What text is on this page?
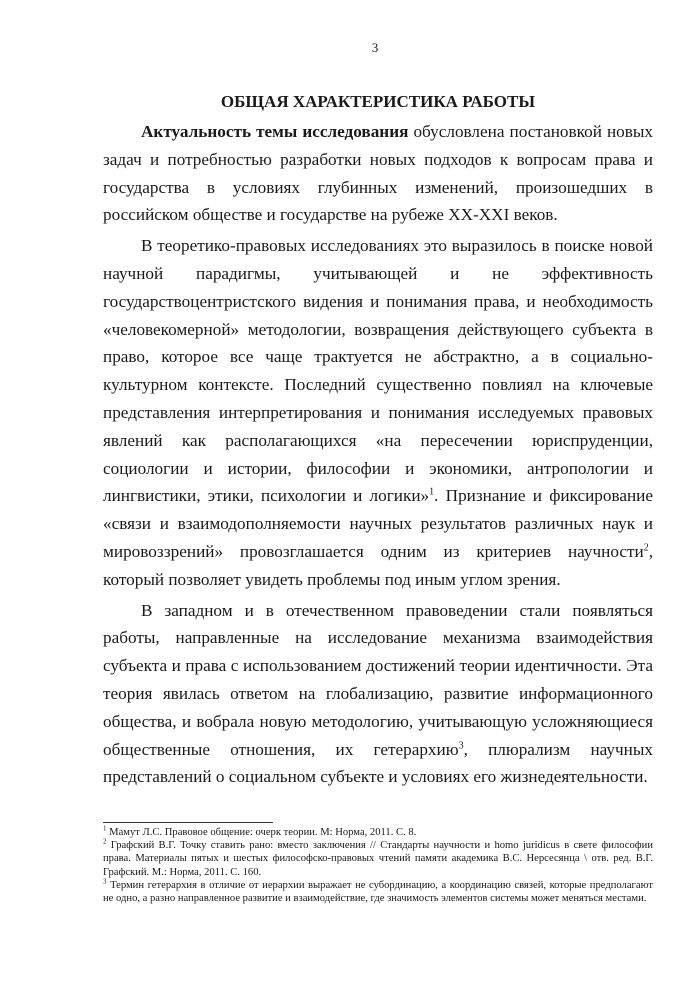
3
ОБЩАЯ ХАРАКТЕРИСТИКА РАБОТЫ

Актуальность темы исследования обусловлена постановкой новых задач и потребностью разработки новых подходов к вопросам права и государства в условиях глубинных изменений, произошедших в российском обществе и государстве на рубеже XX-XXI веков.

В теоретико-правовых исследованиях это выразилось в поиске новой научной парадигмы, учитывающей и не эффективность государствоцентристского видения и понимания права, и необходимость «человекомерной» методологии, возвращения действующего субъекта в право, которое все чаще трактуется не абстрактно, а в социально-культурном контексте. Последний существенно повлиял на ключевые представления интерпретирования и понимания исследуемых правовых явлений как располагающихся «на пересечении юриспруденции, социологии и истории, философии и экономики, антропологии и лингвистики, этики, психологии и логики»$^1$. Признание и фиксирование «связи и взаимодополняемости научных результатов различных наук и мировоззрений» провозглашается одним из критериев научности$^2$, который позволяет увидеть проблемы под иным углом зрения.

В западном и в отечественном правоведении стали появляться работы, направленные на исследование механизма взаимодействия субъекта и права с использованием достижений теории идентичности. Эта теория явилась ответом на глобализацию, развитие информационного общества, и вобрала новую методологию, учитывающую усложняющиеся общественные отношения, их гетерархию$^3$, плюрализм научных представлений о социальном субъекте и условиях его жизнедеятельности.

$^1$ Мамут Л.С. Правовое общение: очерк теории. М: Норма, 2011. С. 8.

$^2$ Графский В.Г. Точку ставить рано: вместо заключения // Стандарты научности и homo juridicus в свете философии права. Материалы пятых и шестых философско-правовых чтений памяти академика В.С. Нерсесянца \ отв. ред. В.Г. Графский. М.: Норма, 2011. С. 160.

$^3$ Термин гетерархия в отличие от иерархии выражает не субординацию, а координацию связей, которые предполагают не одно, а разно направленное развитие и взаимодействие, где значимость элементов системы может меняться местами.
